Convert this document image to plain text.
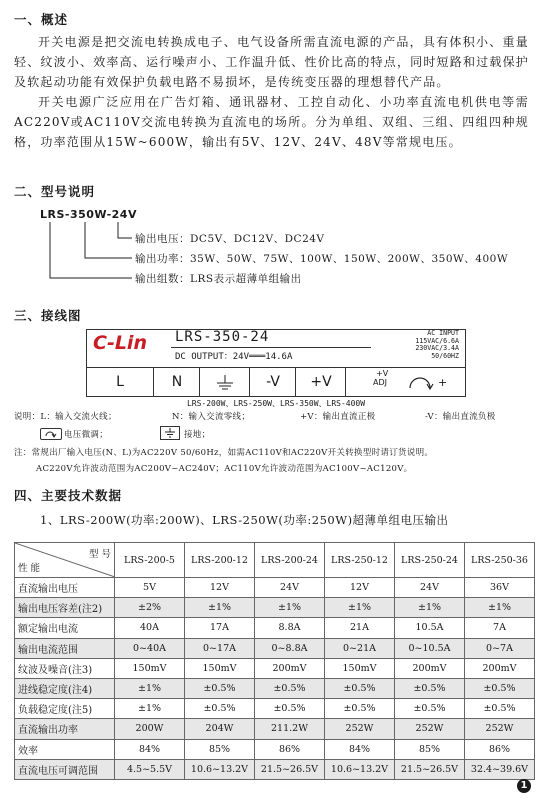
一、概述

开关电源是把交流电转换成电子、电气设备所需直流电源的产品，具有体积小、重量轻、纹波小、效率高、运行噪声小、工作温升低、性价比高的特点，同时短路和过载保护及软起动功能有效保护负载电路不易损坏，是传统变压器的理想替代产品。

开关电源广泛应用在广告灯箱、通讯器材、工控自动化、小功率直流电机供电等需AC220V或AC110V交流电转换为直流电的场所。分为单组、双组、三组、四组四种规格，功率范围从15W~600W，输出有5V、12V、24V、48V等常规电压。

二、型号说明
LRS-350W-24V
输出电压：DC5V、DC12V、DC24V
输出功率：35W、50W、75W、100W、150W、200W、350W、400W
输出组数：LRS表示超薄单组输出
三、接线图
C-Lin LRS-350-24
DC OUTPUT：24V═══14.6A
AC INPUT
115VAC/6.6A
230VAC/3.4A
50/60HZ
L	N	-V	+V
+V
ADJ	+
LRS-200W、LRS-250W、LRS-350W、LRS-400W
说明：L：输入交流火线；	N：输入交流零线；	+V：输出直流正极	-V：输出直流负极
电压微调；	接地；
注：常规出厂输入电压(N、L)为AC220V 50/60Hz，如需AC110V和AC220V开关转换型时请订货说明。
AC220V允许波动范围为AC200V~AC240V；AC110V允许波动范围为AC100V~AC120V。
四、主要技术数据
1、LRS-200W(功率:200W)、LRS-250W(功率:250W)超薄单组电压输出
型 号
性 能	LRS-200-5	LRS-200-12	LRS-200-24	LRS-250-12	LRS-250-24	LRS-250-36
直流输出电压	5V	12V	24V	12V	24V	36V
输出电压容差(注2)	±2%	±1%	±1%	±1%	±1%	±1%
额定输出电流	40A	17A	8.8A	21A	10.5A	7A
输出电流范围	0~40A	0~17A	0~8.8A	0~21A	0~10.5A	0~7A
纹波及噪音(注3)	150mV	150mV	200mV	150mV	200mV	200mV
进线稳定度(注4)	±1%	±0.5%	±0.5%	±0.5%	±0.5%	±0.5%
负载稳定度(注5)	±1%	±0.5%	±0.5%	±0.5%	±0.5%	±0.5%
直流输出功率	200W	204W	211.2W	252W	252W	252W
效率	84%	85%	86%	84%	85%	86%
直流电压可调范围	4.5~5.5V	10.6~13.2V	21.5~26.5V	10.6~13.2V	21.5~26.5V	32.4~39.6V
1
